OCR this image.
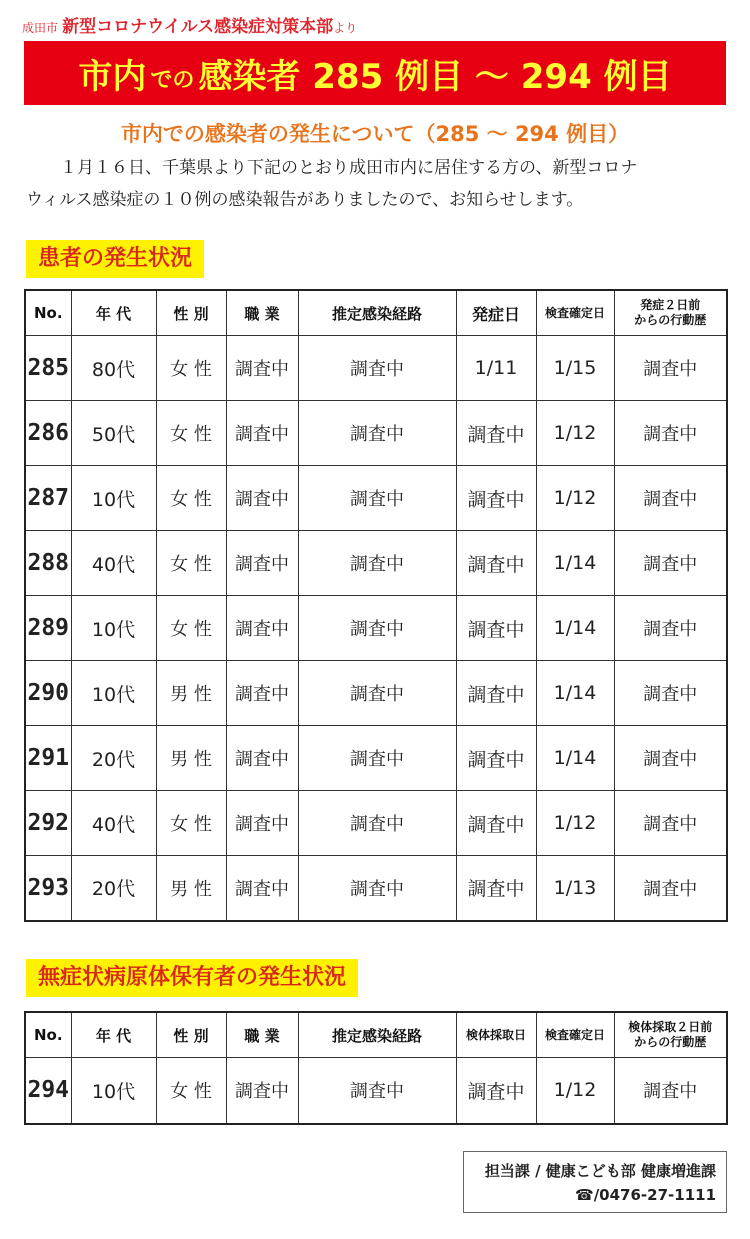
成田市 新型コロナウイルス感染症対策本部より
市内 での 感染者 285 例目 ～ 294 例目
市内での感染者の発生について（285 ～ 294 例目）
１月１６日、千葉県より下記のとおり成田市内に居住する方の、新型コロナ
ウィルス感染症の１０例の感染報告がありましたので、お知らせします。
患者の発生状況
No.	年 代	性 別	職 業	推定感染経路	発症日	検査確定日	発症２日前
からの行動歴

285	80代	女 性	調査中	調査中	1/11	1/15	調査中
286	50代	女 性	調査中	調査中	調査中	1/12	調査中
287	10代	女 性	調査中	調査中	調査中	1/12	調査中
288	40代	女 性	調査中	調査中	調査中	1/14	調査中
289	10代	女 性	調査中	調査中	調査中	1/14	調査中
290	10代	男 性	調査中	調査中	調査中	1/14	調査中
291	20代	男 性	調査中	調査中	調査中	1/14	調査中
292	40代	女 性	調査中	調査中	調査中	1/12	調査中
293	20代	男 性	調査中	調査中	調査中	1/13	調査中
無症状病原体保有者の発生状況
No.	年 代	性 別	職 業	推定感染経路	検体採取日	検査確定日	検体採取２日前
からの行動歴

294	10代	女 性	調査中	調査中	調査中	1/12	調査中
担当課 / 健康こども部 健康増進課
☎/0476-27-1111
